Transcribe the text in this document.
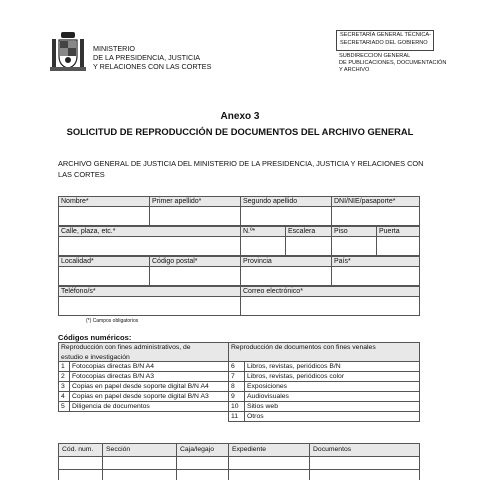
MINISTERIO
DE LA PRESIDENCIA, JUSTICIA
Y RELACIONES CON LAS CORTES
SECRETARÍA GENERAL TÉCNICA-
SECRETARIADO DEL GOBIERNO
SUBDIRECCION GENERAL
DE PUBLICACIONES, DOCUMENTACIÓN
Y ARCHIVO
Anexo 3
SOLICITUD DE REPRODUCCIÓN DE DOCUMENTOS DEL ARCHIVO GENERAL
ARCHIVO GENERAL DE JUSTICIA DEL MINISTERIO DE LA PRESIDENCIA, JUSTICIA Y RELACIONES CON LAS CORTES
Nombre*	Primer apellido*	Segundo apellido	DNI/NIE/pasaporte*
Calle, plaza, etc.*	N.º*	Escalera	Piso	Puerta
Localidad*	Código postal*	Provincia	País*
Teléfono/s*	Correo electrónico*
(*) Campos obligatorios
Códigos numéricos:
Reproducción con fines administrativos, de
estudio e investigación
Reproducción de documentos con fines venales
1	Fotocopias directas B/N A4
2	Fotocopias directas B/N A3
3	Copias en papel desde soporte digital B/N A4
4	Copias en papel desde soporte digital B/N A3
5	Diligencia de documentos
6	Libros, revistas, periódicos B/N
7	Libros, revistas, periódicos color
8	Exposiciones
9	Audiovisuales
10	Sitios web
11	Otros
Cód. num.	Sección	Caja/legajo	Expediente	Documentos
